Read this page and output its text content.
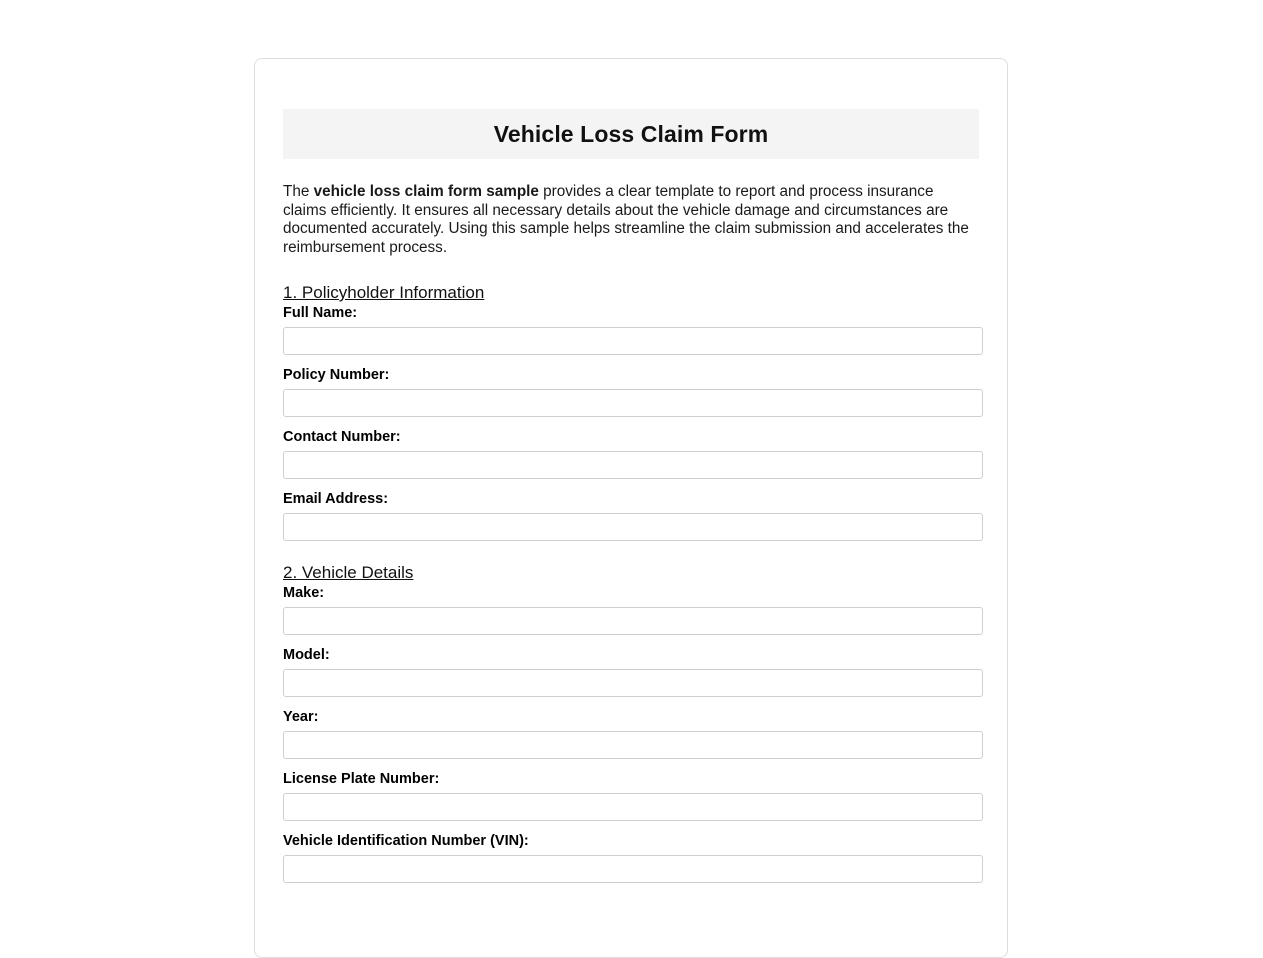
Vehicle Loss Claim Form

The vehicle loss claim form sample provides a clear template to report and process insurance claims efficiently. It ensures all necessary details about the vehicle damage and circumstances are documented accurately. Using this sample helps streamline the claim submission and accelerates the reimbursement process.

1. Policyholder Information
Full Name:
Policy Number:
Contact Number:
Email Address:
2. Vehicle Details
Make:
Model:
Year:
License Plate Number:
Vehicle Identification Number (VIN):
